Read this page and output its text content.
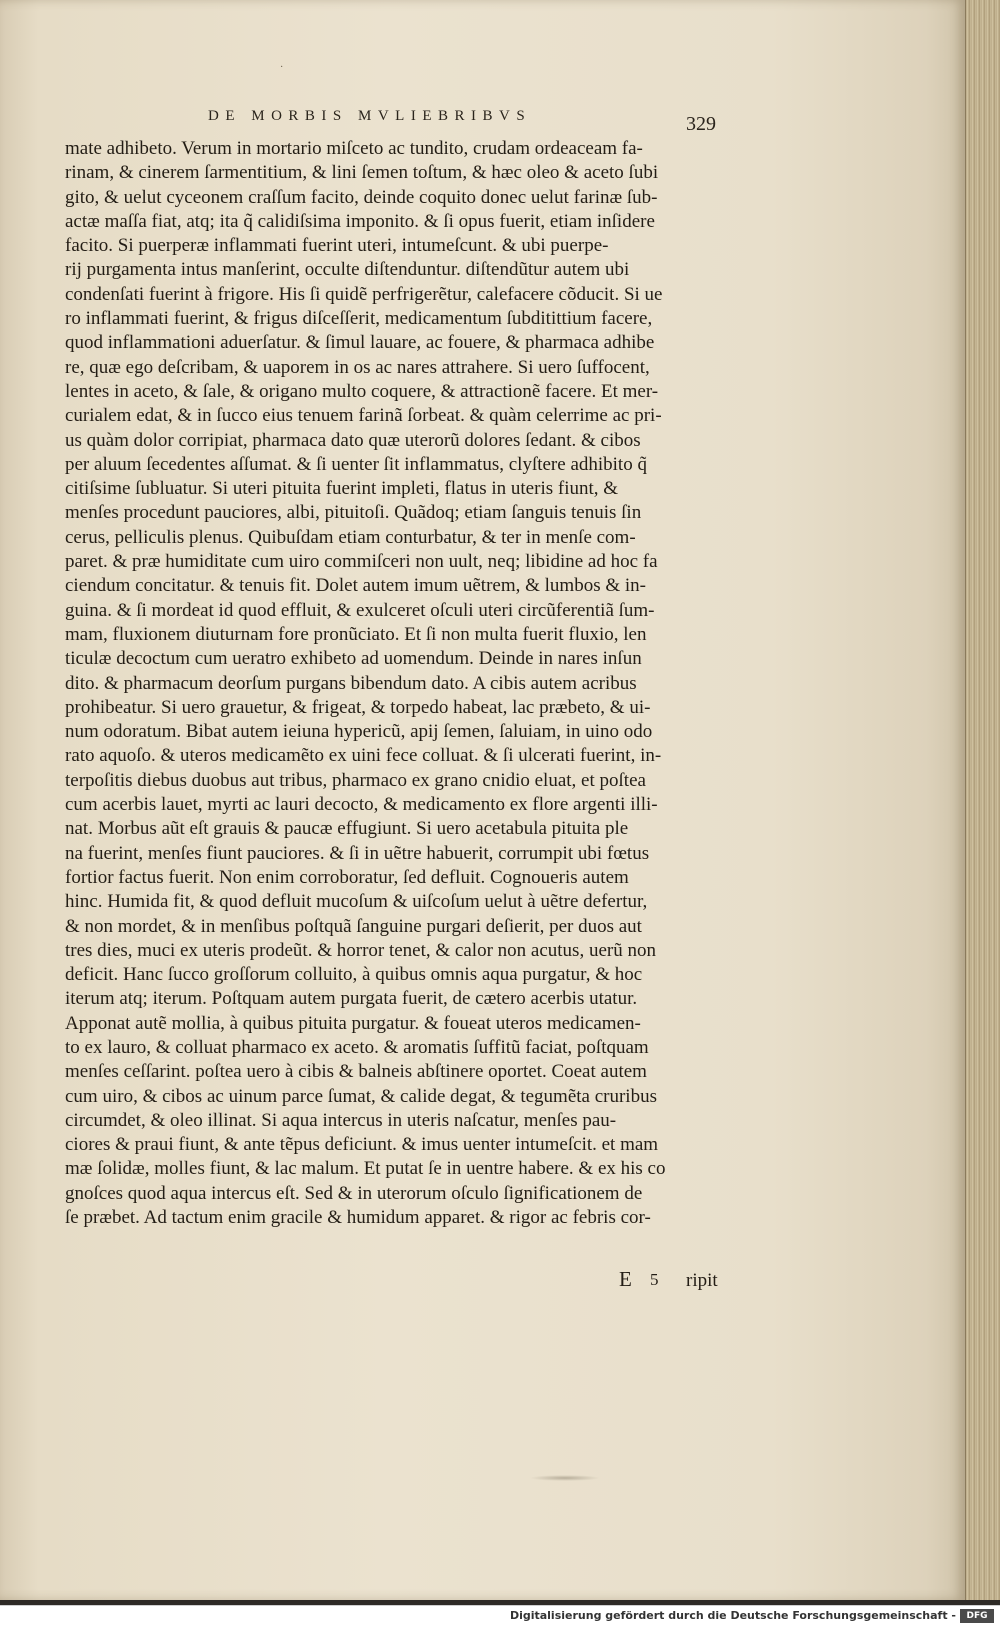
·
DE MORBIS MVLIEBRIBVS	329
mate adhibeto. Verum in mortario miſceto ac tundito, crudam ordeaceam fa-
rinam, & cinerem ſarmentitium, & lini ſemen toſtum, & hæc oleo & aceto ſubi
gito, & uelut cyceonem craſſum facito, deinde coquito donec uelut farinæ ſub-
actæ maſſa fiat, atq; ita q̃ calidiſsima imponito. & ſi opus fuerit, etiam inſidere
facito. Si puerperæ inflammati fuerint uteri, intumeſcunt. & ubi puerpe-
rij purgamenta intus manſerint, occulte diſtenduntur. diſtendũtur autem ubi
condenſati fuerint à frigore. His ſi quidẽ perfrigerẽtur, calefacere cõducit. Si ue
ro inflammati fuerint, & frigus diſceſſerit, medicamentum ſubditittium facere,
quod inflammationi aduerſatur. & ſimul lauare, ac fouere, & pharmaca adhibe
re, quæ ego deſcribam, & uaporem in os ac nares attrahere. Si uero ſuffocent,
lentes in aceto, & ſale, & origano multo coquere, & attractionẽ facere. Et mer-
curialem edat, & in ſucco eius tenuem farinã ſorbeat. & quàm celerrime ac pri-
us quàm dolor corripiat, pharmaca dato quæ uterorũ dolores ſedant. & cibos
per aluum ſecedentes aſſumat. & ſi uenter ſit inflammatus, clyſtere adhibito q̃
citiſsime ſubluatur. Si uteri pituita fuerint impleti, flatus in uteris fiunt, &
menſes procedunt pauciores, albi, pituitoſi. Quãdoq; etiam ſanguis tenuis ſin
cerus, pelliculis plenus. Quibuſdam etiam conturbatur, & ter in menſe com-
paret. & præ humiditate cum uiro commiſceri non uult, neq; libidine ad hoc fa
ciendum concitatur. & tenuis fit. Dolet autem imum uẽtrem, & lumbos & in-
guina. & ſi mordeat id quod effluit, & exulceret oſculi uteri circũferentiã ſum-
mam, fluxionem diuturnam fore pronũciato. Et ſi non multa fuerit fluxio, len
ticulæ decoctum cum ueratro exhibeto ad uomendum. Deinde in nares inſun
dito. & pharmacum deorſum purgans bibendum dato. A cibis autem acribus
prohibeatur. Si uero grauetur, & frigeat, & torpedo habeat, lac præbeto, & ui-
num odoratum. Bibat autem ieiuna hypericũ, apij ſemen, ſaluiam, in uino odo
rato aquoſo. & uteros medicamẽto ex uini fece colluat. & ſi ulcerati fuerint, in-
terpoſitis diebus duobus aut tribus, pharmaco ex grano cnidio eluat, et poſtea
cum acerbis lauet, myrti ac lauri decocto, & medicamento ex flore argenti illi-
nat. Morbus aũt eſt grauis & paucæ effugiunt. Si uero acetabula pituita ple
na fuerint, menſes fiunt pauciores. & ſi in uẽtre habuerit, corrumpit ubi fœtus
fortior factus fuerit. Non enim corroboratur, ſed defluit. Cognoueris autem
hinc. Humida fit, & quod defluit mucoſum & uiſcoſum uelut à uẽtre defertur,
& non mordet, & in menſibus poſtquã ſanguine purgari deſierit, per duos aut
tres dies, muci ex uteris prodeũt. & horror tenet, & calor non acutus, uerũ non
deficit. Hanc ſucco groſſorum colluito, à quibus omnis aqua purgatur, & hoc
iterum atq; iterum. Poſtquam autem purgata fuerit, de cætero acerbis utatur.
Apponat autẽ mollia, à quibus pituita purgatur. & foueat uteros medicamen-
to ex lauro, & colluat pharmaco ex aceto. & aromatis ſuffitũ faciat, poſtquam
menſes ceſſarint. poſtea uero à cibis & balneis abſtinere oportet. Coeat autem
cum uiro, & cibos ac uinum parce ſumat, & calide degat, & tegumẽta cruribus
circumdet, & oleo illinat. Si aqua intercus in uteris naſcatur, menſes pau-
ciores & praui fiunt, & ante tẽpus deficiunt. & imus uenter intumeſcit. et mam
mæ ſolidæ, molles fiunt, & lac malum. Et putat ſe in uentre habere. & ex his co
gnoſces quod aqua intercus eſt. Sed & in uterorum oſculo ſignificationem de
ſe præbet. Ad tactum enim gracile & humidum apparet. & rigor ac febris cor-
E 5 ripit
Digitalisierung gefördert durch die Deutsche Forschungsgemeinschaft -	DFG
